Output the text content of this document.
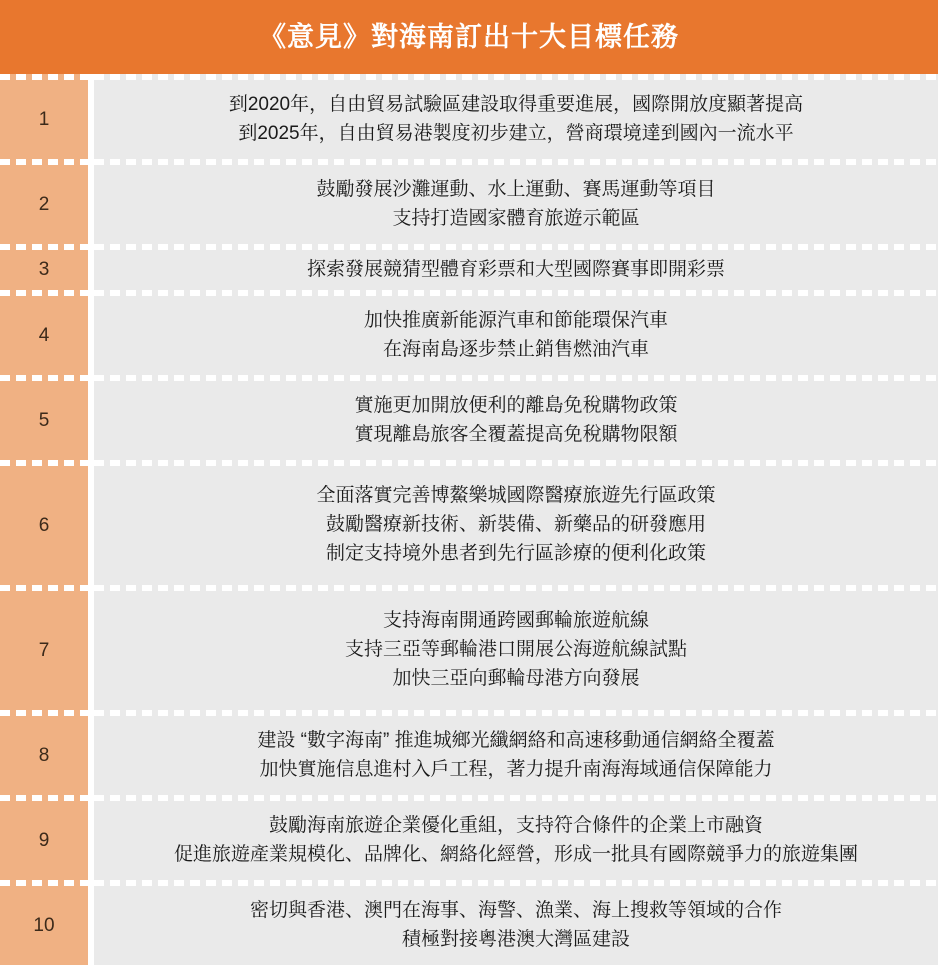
《意見》對海南訂出十大目標任務
1
到2020年，自由貿易試驗區建設取得重要進展，國際開放度顯著提高
到2025年，自由貿易港製度初步建立，營商環境達到國內一流水平
2
鼓勵發展沙灘運動、水上運動、賽馬運動等項目
支持打造國家體育旅遊示範區
3	探索發展競猜型體育彩票和大型國際賽事即開彩票
4
加快推廣新能源汽車和節能環保汽車
在海南島逐步禁止銷售燃油汽車
5
實施更加開放便利的離島免稅購物政策
實現離島旅客全覆蓋提高免稅購物限額
6
全面落實完善博鰲樂城國際醫療旅遊先行區政策
鼓勵醫療新技術、新裝備、新藥品的研發應用
制定支持境外患者到先行區診療的便利化政策
7
支持海南開通跨國郵輪旅遊航線
支持三亞等郵輪港口開展公海遊航線試點
加快三亞向郵輪母港方向發展
8
建設 “數字海南” 推進城鄉光纖網絡和高速移動通信網絡全覆蓋
加快實施信息進村入戶工程，著力提升南海海域通信保障能力
9
鼓勵海南旅遊企業優化重組，支持符合條件的企業上市融資
促進旅遊產業規模化、品牌化、網絡化經營，形成一批具有國際競爭力的旅遊集團
10
密切與香港、澳門在海事、海警、漁業、海上搜救等領域的合作
積極對接粵港澳大灣區建設
